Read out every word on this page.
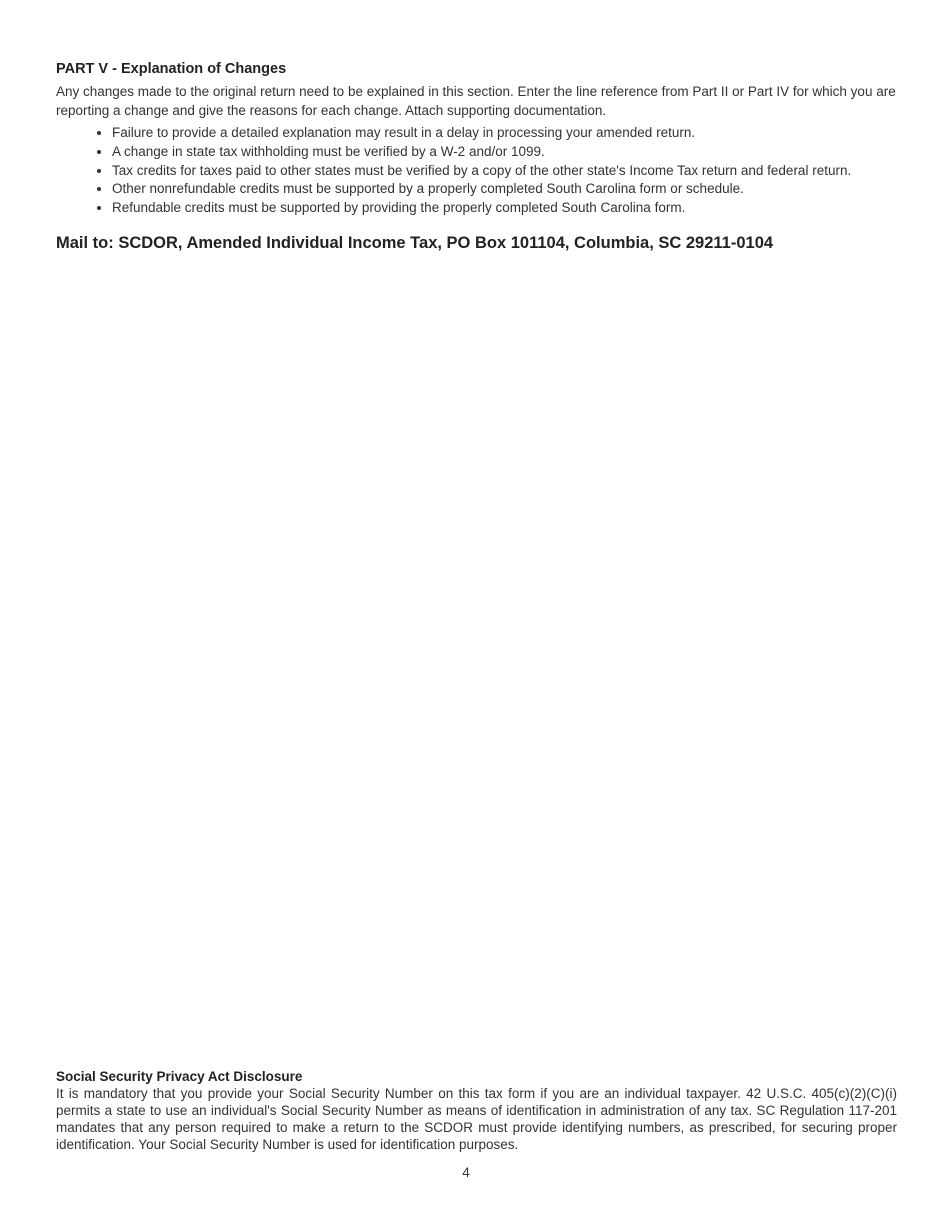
PART V - Explanation of Changes

Any changes made to the original return need to be explained in this section. Enter the line reference from Part II or Part IV for which you are reporting a change and give the reasons for each change. Attach supporting documentation.

• Failure to provide a detailed explanation may result in a delay in processing your amended return.
• A change in state tax withholding must be verified by a W-2 and/or 1099.
• Tax credits for taxes paid to other states must be verified by a copy of the other state's Income Tax return and federal return.
• Other nonrefundable credits must be supported by a properly completed South Carolina form or schedule.
• Refundable credits must be supported by providing the properly completed South Carolina form.
Mail to: SCDOR, Amended Individual Income Tax, PO Box 101104, Columbia, SC 29211-0104
Social Security Privacy Act Disclosure

It is mandatory that you provide your Social Security Number on this tax form if you are an individual taxpayer. 42 U.S.C. 405(c)(2)(C)(i) permits a state to use an individual's Social Security Number as means of identification in administration of any tax. SC Regulation 117-201 mandates that any person required to make a return to the SCDOR must provide identifying numbers, as prescribed, for securing proper identification. Your Social Security Number is used for identification purposes.

4
